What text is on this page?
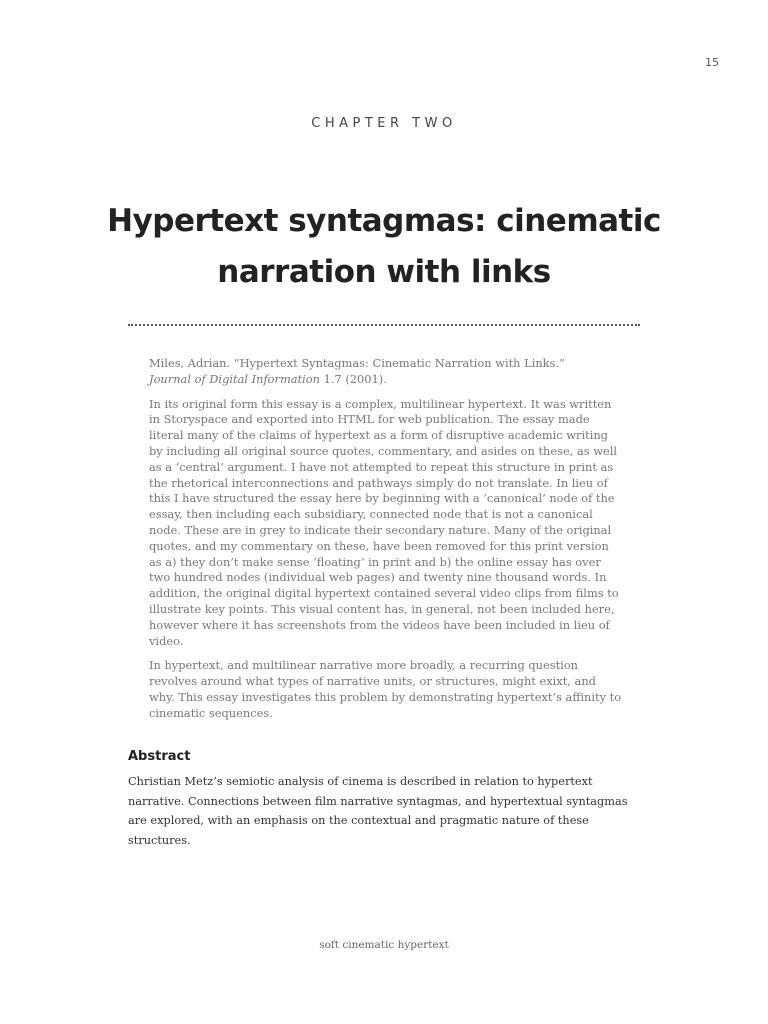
15
CHAPTER TWO
Hypertext syntagmas: cinematic
narration with links

Miles, Adrian. “Hypertext Syntagmas: Cinematic Narration with Links.”
Journal of Digital Information 1.7 (2001).

In its original form this essay is a complex, multilinear hypertext. It was written in Storyspace and exported into HTML for web publication. The essay made literal many of the claims of hypertext as a form of disruptive academic writing by including all original source quotes, commentary, and asides on these, as well as a ‘central’ argument. I have not attempted to repeat this structure in print as the rhetorical interconnections and pathways simply do not translate. In lieu of this I have structured the essay here by beginning with a ‘canonical’ node of the essay, then including each subsidiary, connected node that is not a canonical node. These are in grey to indicate their secondary nature. Many of the original quotes, and my commentary on these, have been removed for this print version as a) they don’t make sense ‘floating’ in print and b) the online essay has over two hundred nodes (individual web pages) and twenty nine thousand words. In addition, the original digital hypertext contained several video clips from films to illustrate key points. This visual content has, in general, not been included here, however where it has screenshots from the videos have been included in lieu of video.

In hypertext, and multilinear narrative more broadly, a recurring question revolves around what types of narrative units, or structures, might exixt, and why. This essay investigates this problem by demonstrating hypertext’s affinity to cinematic sequences.

Abstract

Christian Metz’s semiotic analysis of cinema is described in relation to hypertext narrative. Connections between film narrative syntagmas, and hypertextual syntagmas are explored, with an emphasis on the contextual and pragmatic nature of these structures.

soft cinematic hypertext
